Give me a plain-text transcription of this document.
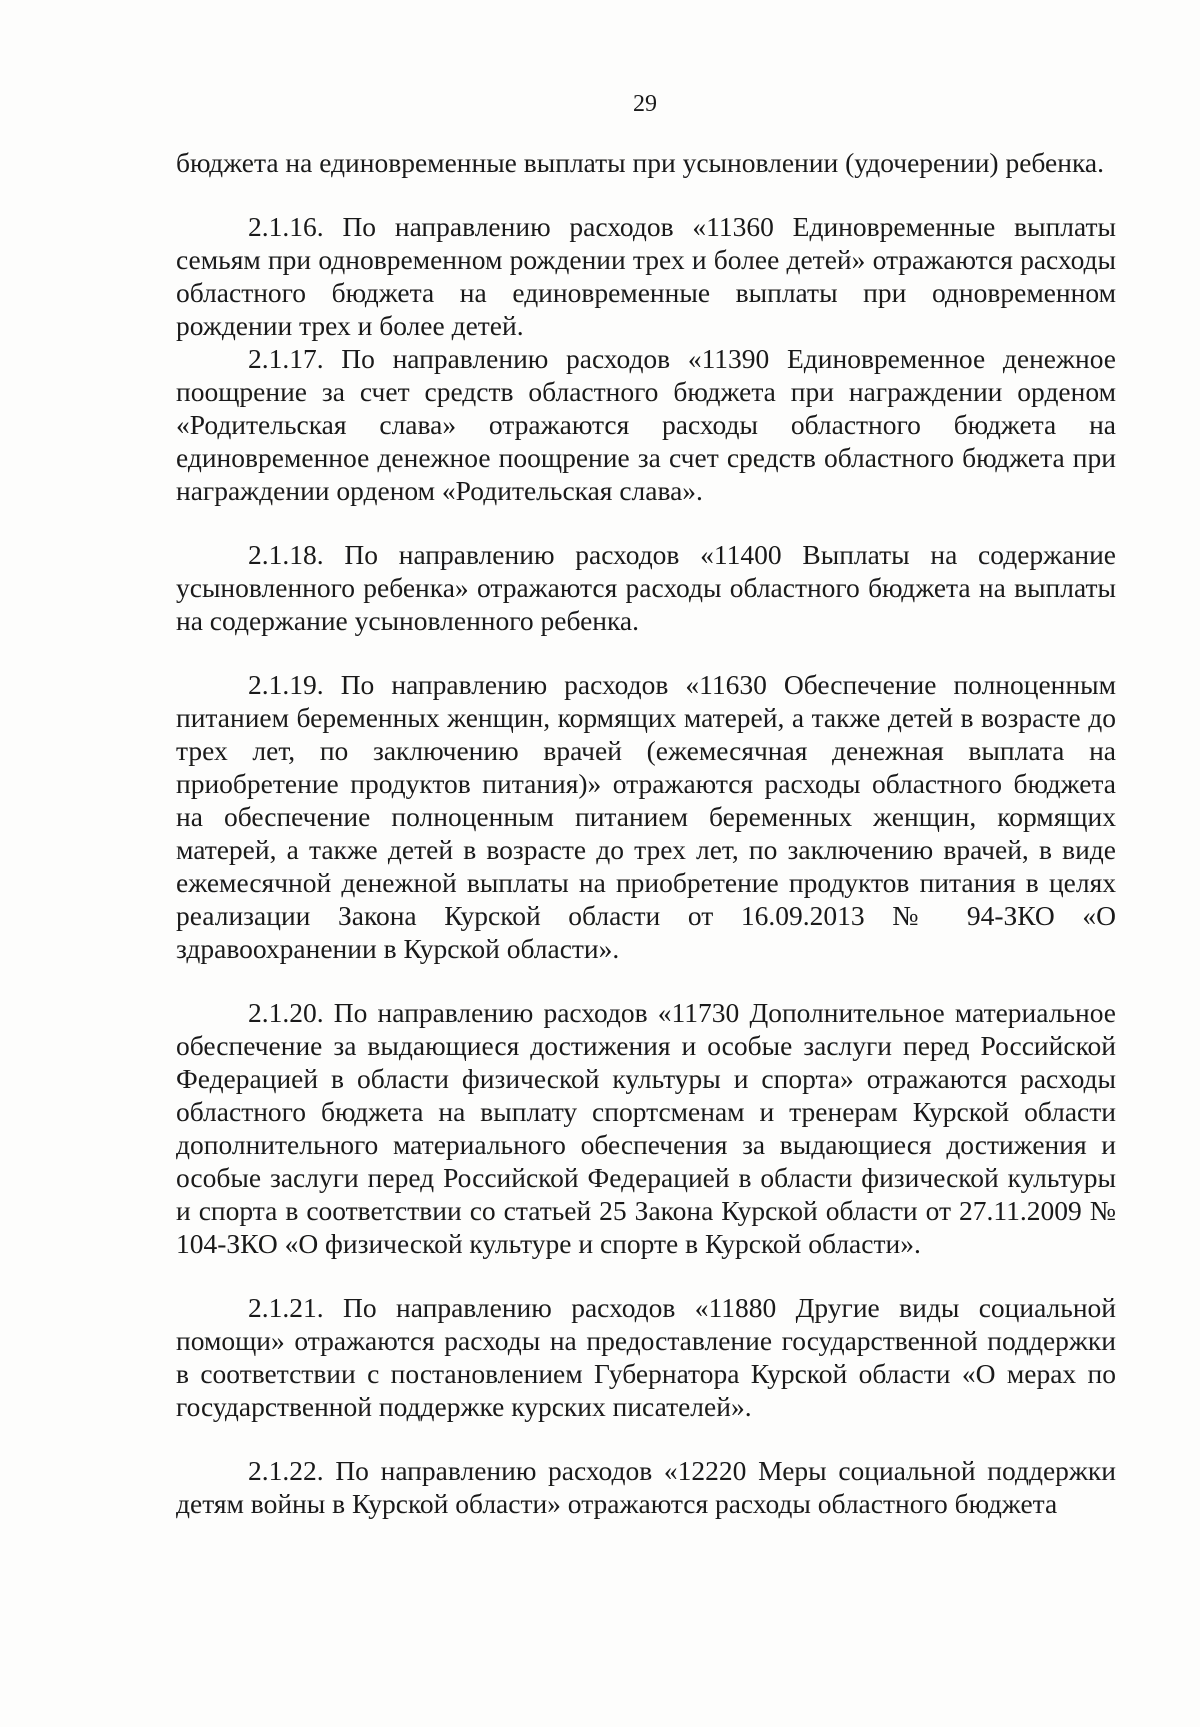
29

бюджета на единовременные выплаты при усыновлении (удочерении) ребенка.

2.1.16. По направлению расходов «11360 Единовременные выплаты семьям при одновременном рождении трех и более детей» отражаются расходы областного бюджета на единовременные выплаты при одновременном рождении трех и более детей.

2.1.17. По направлению расходов «11390 Единовременное денежное поощрение за счет средств областного бюджета при награждении орденом «Родительская слава» отражаются расходы областного бюджета на единовременное денежное поощрение за счет средств областного бюджета при награждении орденом «Родительская слава».

2.1.18. По направлению расходов «11400 Выплаты на содержание усыновленного ребенка» отражаются расходы областного бюджета на выплаты на содержание усыновленного ребенка.

2.1.19. По направлению расходов «11630 Обеспечение полноценным питанием беременных женщин, кормящих матерей, а также детей в возрасте до трех лет, по заключению врачей (ежемесячная денежная выплата на приобретение продуктов питания)» отражаются расходы областного бюджета на обеспечение полноценным питанием беременных женщин, кормящих матерей, а также детей в возрасте до трех лет, по заключению врачей, в виде ежемесячной денежной выплаты на приобретение продуктов питания в целях реализации Закона Курской области от 16.09.2013 № 94-ЗКО «О здравоохранении в Курской области».

2.1.20. По направлению расходов «11730 Дополнительное материальное обеспечение за выдающиеся достижения и особые заслуги перед Российской Федерацией в области физической культуры и спорта» отражаются расходы областного бюджета на выплату спортсменам и тренерам Курской области дополнительного материального обеспечения за выдающиеся достижения и особые заслуги перед Российской Федерацией в области физической культуры и спорта в соответствии со статьей 25 Закона Курской области от 27.11.2009 № 104-ЗКО «О физической культуре и спорте в Курской области».

2.1.21. По направлению расходов «11880 Другие виды социальной помощи» отражаются расходы на предоставление государственной поддержки в соответствии с постановлением Губернатора Курской области «О мерах по государственной поддержке курских писателей».

2.1.22. По направлению расходов «12220 Меры социальной поддержки детям войны в Курской области» отражаются расходы областного бюджета
